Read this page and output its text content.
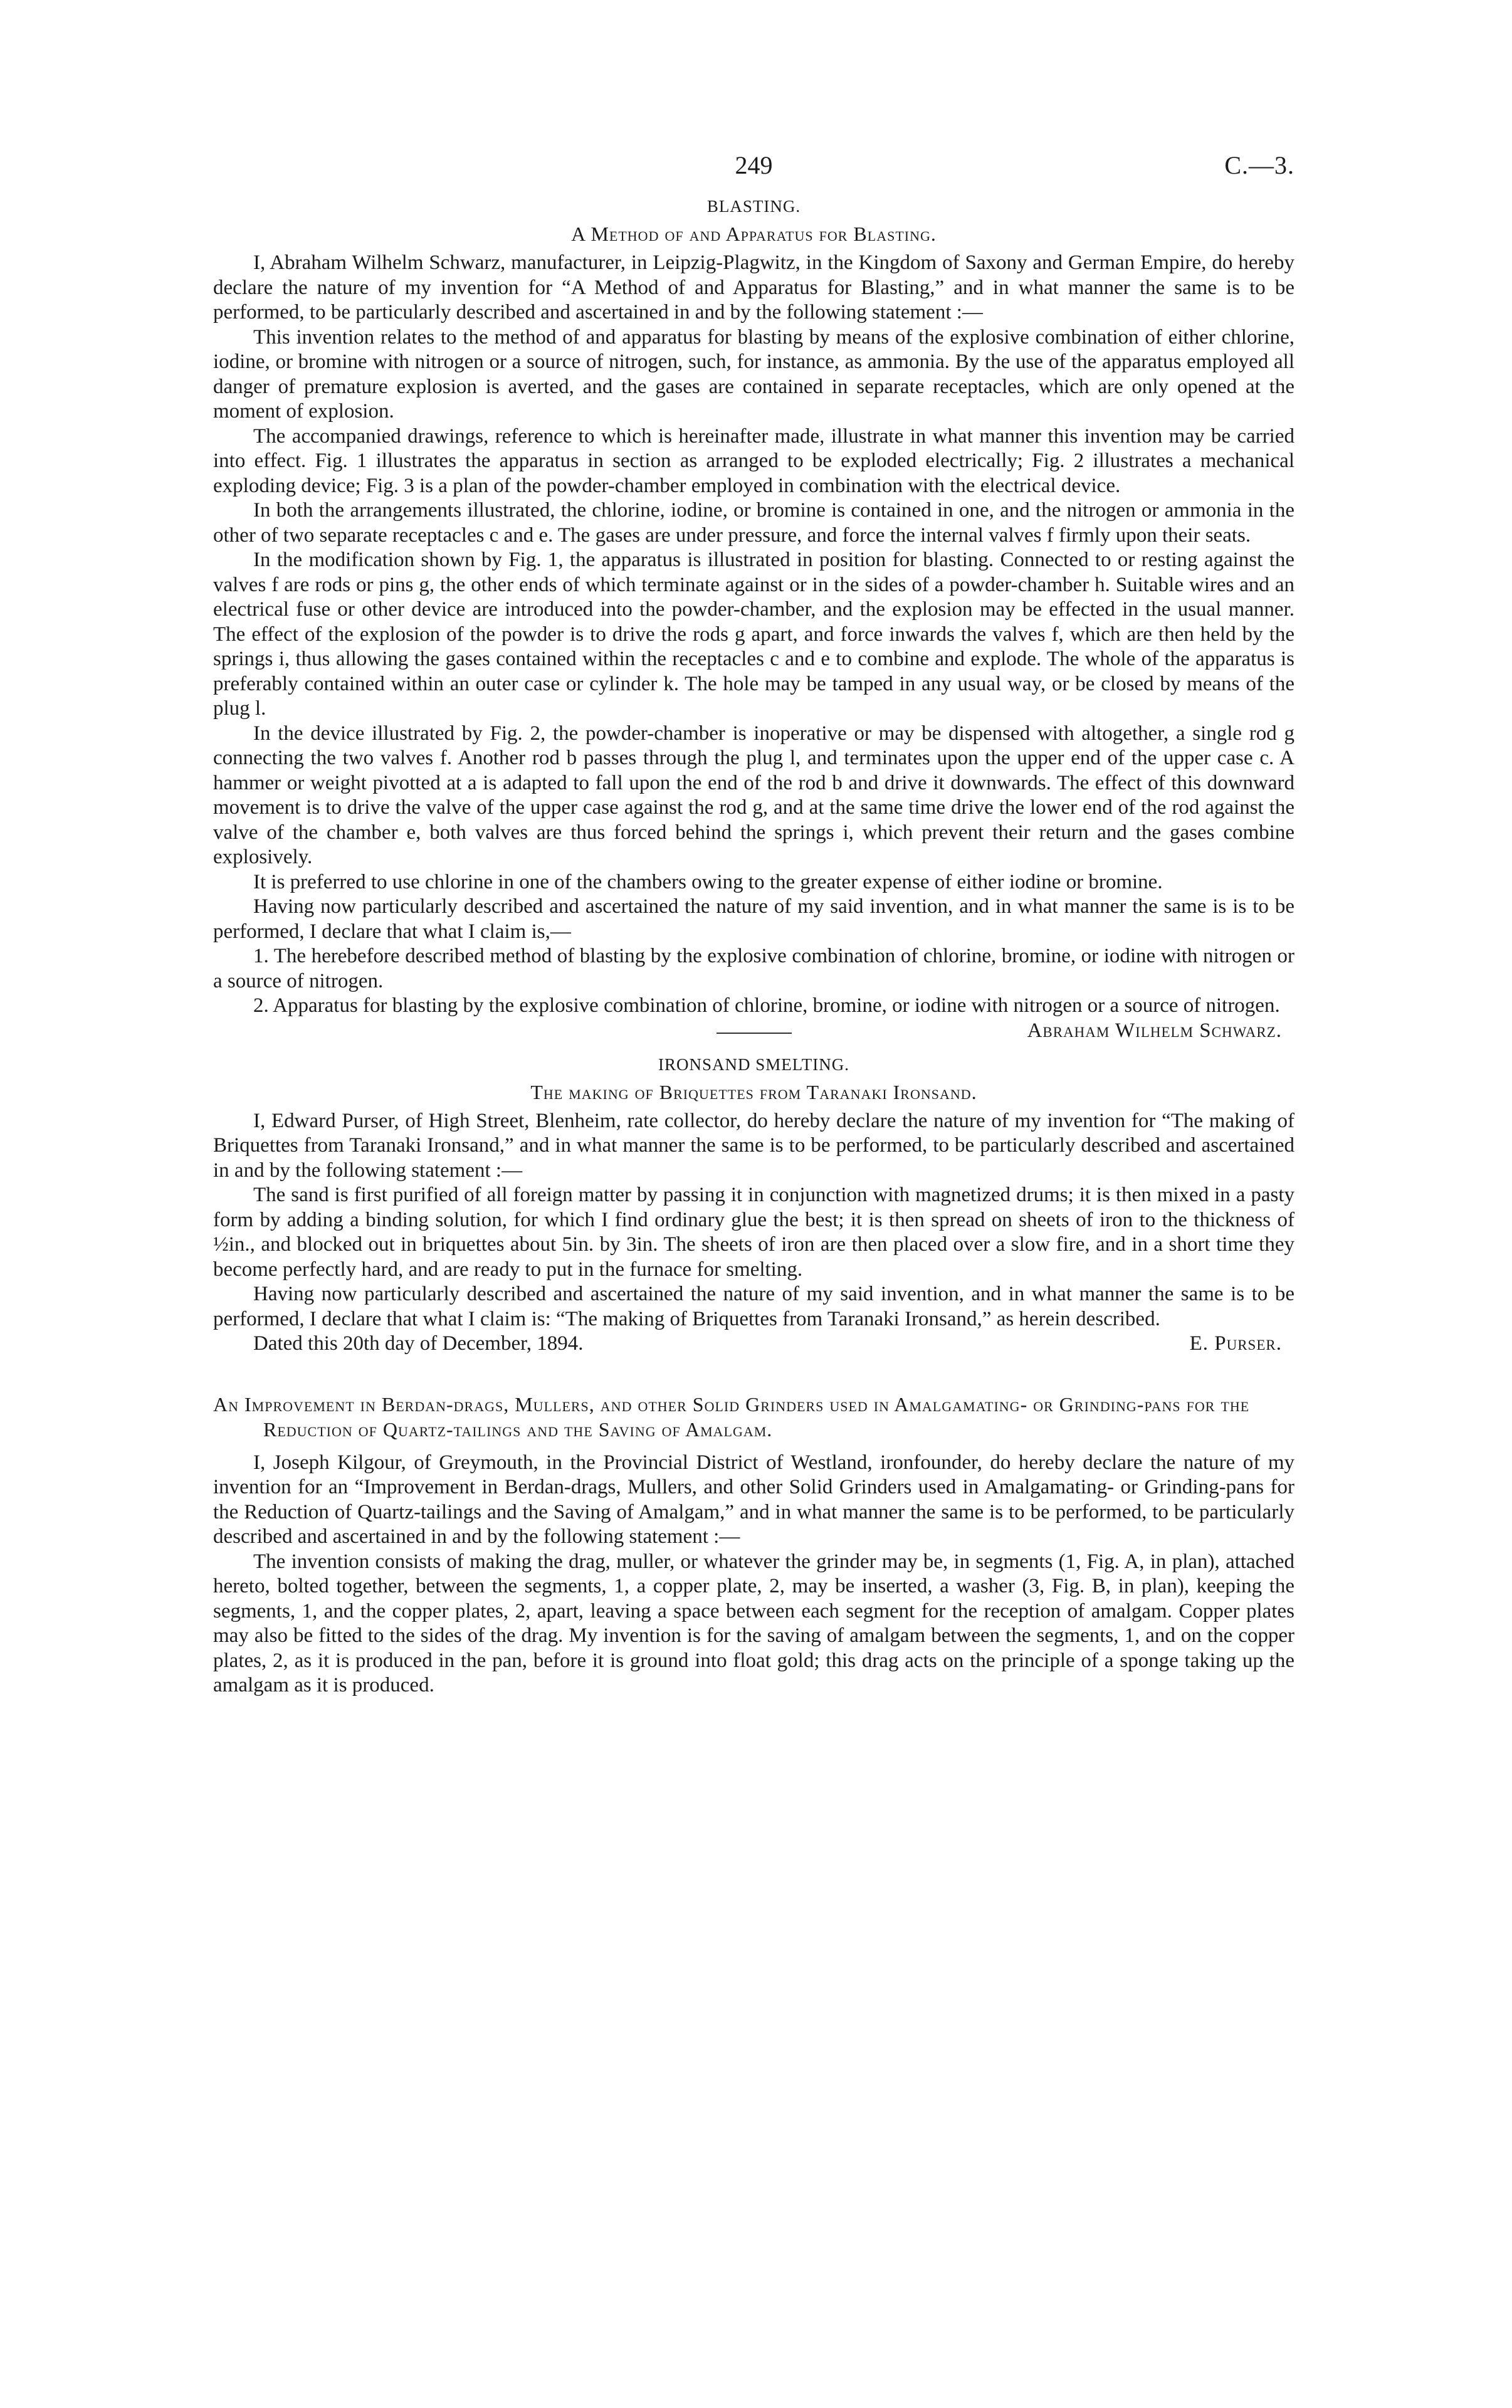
249	C.—3.
BLASTING.
A Method of and Apparatus for Blasting.

I, Abraham Wilhelm Schwarz, manufacturer, in Leipzig-Plagwitz, in the Kingdom of Saxony and German Empire, do hereby declare the nature of my invention for “A Method of and Apparatus for Blasting,” and in what manner the same is to be performed, to be particularly described and ascertained in and by the following statement :—

This invention relates to the method of and apparatus for blasting by means of the explosive combination of either chlorine, iodine, or bromine with nitrogen or a source of nitrogen, such, for instance, as ammonia. By the use of the apparatus employed all danger of premature explosion is averted, and the gases are contained in separate receptacles, which are only opened at the moment of explosion.

The accompanied drawings, reference to which is hereinafter made, illustrate in what manner this invention may be carried into effect. Fig. 1 illustrates the apparatus in section as arranged to be exploded electrically; Fig. 2 illustrates a mechanical exploding device; Fig. 3 is a plan of the powder-chamber employed in combination with the electrical device.

In both the arrangements illustrated, the chlorine, iodine, or bromine is contained in one, and the nitrogen or ammonia in the other of two separate receptacles c and e. The gases are under pressure, and force the internal valves f firmly upon their seats.

In the modification shown by Fig. 1, the apparatus is illustrated in position for blasting. Connected to or resting against the valves f are rods or pins g, the other ends of which terminate against or in the sides of a powder-chamber h. Suitable wires and an electrical fuse or other device are introduced into the powder-chamber, and the explosion may be effected in the usual manner. The effect of the explosion of the powder is to drive the rods g apart, and force inwards the valves f, which are then held by the springs i, thus allowing the gases contained within the receptacles c and e to combine and explode. The whole of the apparatus is preferably contained within an outer case or cylinder k. The hole may be tamped in any usual way, or be closed by means of the plug l.

In the device illustrated by Fig. 2, the powder-chamber is inoperative or may be dispensed with altogether, a single rod g connecting the two valves f. Another rod b passes through the plug l, and terminates upon the upper end of the upper case c. A hammer or weight pivotted at a is adapted to fall upon the end of the rod b and drive it downwards. The effect of this downward movement is to drive the valve of the upper case against the rod g, and at the same time drive the lower end of the rod against the valve of the chamber e, both valves are thus forced behind the springs i, which prevent their return and the gases combine explosively.

It is preferred to use chlorine in one of the chambers owing to the greater expense of either iodine or bromine.

Having now particularly described and ascertained the nature of my said invention, and in what manner the same is is to be performed, I declare that what I claim is,—

1. The herebefore described method of blasting by the explosive combination of chlorine, bromine, or iodine with nitrogen or a source of nitrogen.

2. Apparatus for blasting by the explosive combination of chlorine, bromine, or iodine with nitrogen or a source of nitrogen.
Abraham Wilhelm Schwarz.

IRONSAND SMELTING.
The making of Briquettes from Taranaki Ironsand.

I, Edward Purser, of High Street, Blenheim, rate collector, do hereby declare the nature of my invention for “The making of Briquettes from Taranaki Ironsand,” and in what manner the same is to be performed, to be particularly described and ascertained in and by the following statement :—

The sand is first purified of all foreign matter by passing it in conjunction with magnetized drums; it is then mixed in a pasty form by adding a binding solution, for which I find ordinary glue the best; it is then spread on sheets of iron to the thickness of ½in., and blocked out in briquettes about 5in. by 3in. The sheets of iron are then placed over a slow fire, and in a short time they become perfectly hard, and are ready to put in the furnace for smelting.

Having now particularly described and ascertained the nature of my said invention, and in what manner the same is to be performed, I declare that what I claim is: “The making of Briquettes from Taranaki Ironsand,” as herein described.

Dated this 20th day of December, 1894.	E. Purser.
An Improvement in Berdan-drags, Mullers, and other Solid Grinders used in Amalgamating- or Grinding-pans for the Reduction of Quartz-tailings and the Saving of Amalgam.

I, Joseph Kilgour, of Greymouth, in the Provincial District of Westland, ironfounder, do hereby declare the nature of my invention for an “Improvement in Berdan-drags, Mullers, and other Solid Grinders used in Amalgamating- or Grinding-pans for the Reduction of Quartz-tailings and the Saving of Amalgam,” and in what manner the same is to be performed, to be particularly described and ascertained in and by the following statement :—

The invention consists of making the drag, muller, or whatever the grinder may be, in segments (1, Fig. A, in plan), attached hereto, bolted together, between the segments, 1, a copper plate, 2, may be inserted, a washer (3, Fig. B, in plan), keeping the segments, 1, and the copper plates, 2, apart, leaving a space between each segment for the reception of amalgam. Copper plates may also be fitted to the sides of the drag. My invention is for the saving of amalgam between the segments, 1, and on the copper plates, 2, as it is produced in the pan, before it is ground into float gold; this drag acts on the principle of a sponge taking up the amalgam as it is produced.
